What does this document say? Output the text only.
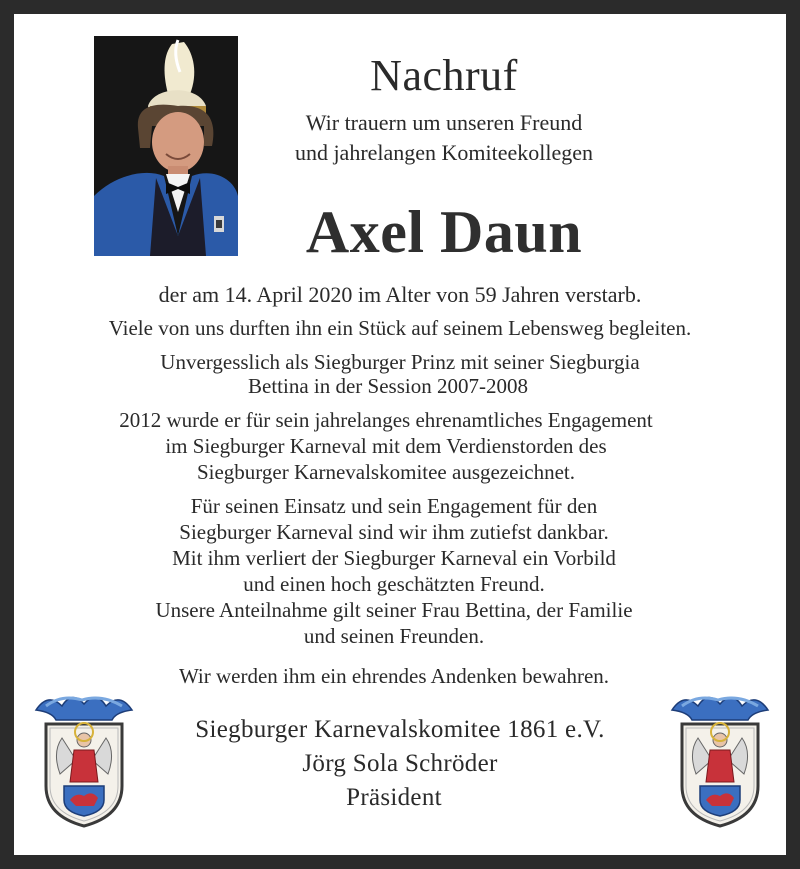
Nachruf
Wir trauern um unseren Freund
und jahrelangen Komiteekollegen
Axel Daun
der am 14. April 2020 im Alter von 59 Jahren verstarb.
Viele von uns durften ihn ein Stück auf seinem Lebensweg begleiten.
Unvergesslich als Siegburger Prinz mit seiner Siegburgia
Bettina in der Session 2007-2008
2012 wurde er für sein jahrelanges ehrenamtliches Engagement
im Siegburger Karneval mit dem Verdienstorden des
Siegburger Karnevalskomitee ausgezeichnet.
Für seinen Einsatz und sein Engagement für den
Siegburger Karneval sind wir ihm zutiefst dankbar.
Mit ihm verliert der Siegburger Karneval ein Vorbild
und einen hoch geschätzten Freund.
Unsere Anteilnahme gilt seiner Frau Bettina, der Familie
und seinen Freunden.
Wir werden ihm ein ehrendes Andenken bewahren.
Siegburger Karnevalskomitee 1861 e.V.
Jörg Sola Schröder
Präsident
